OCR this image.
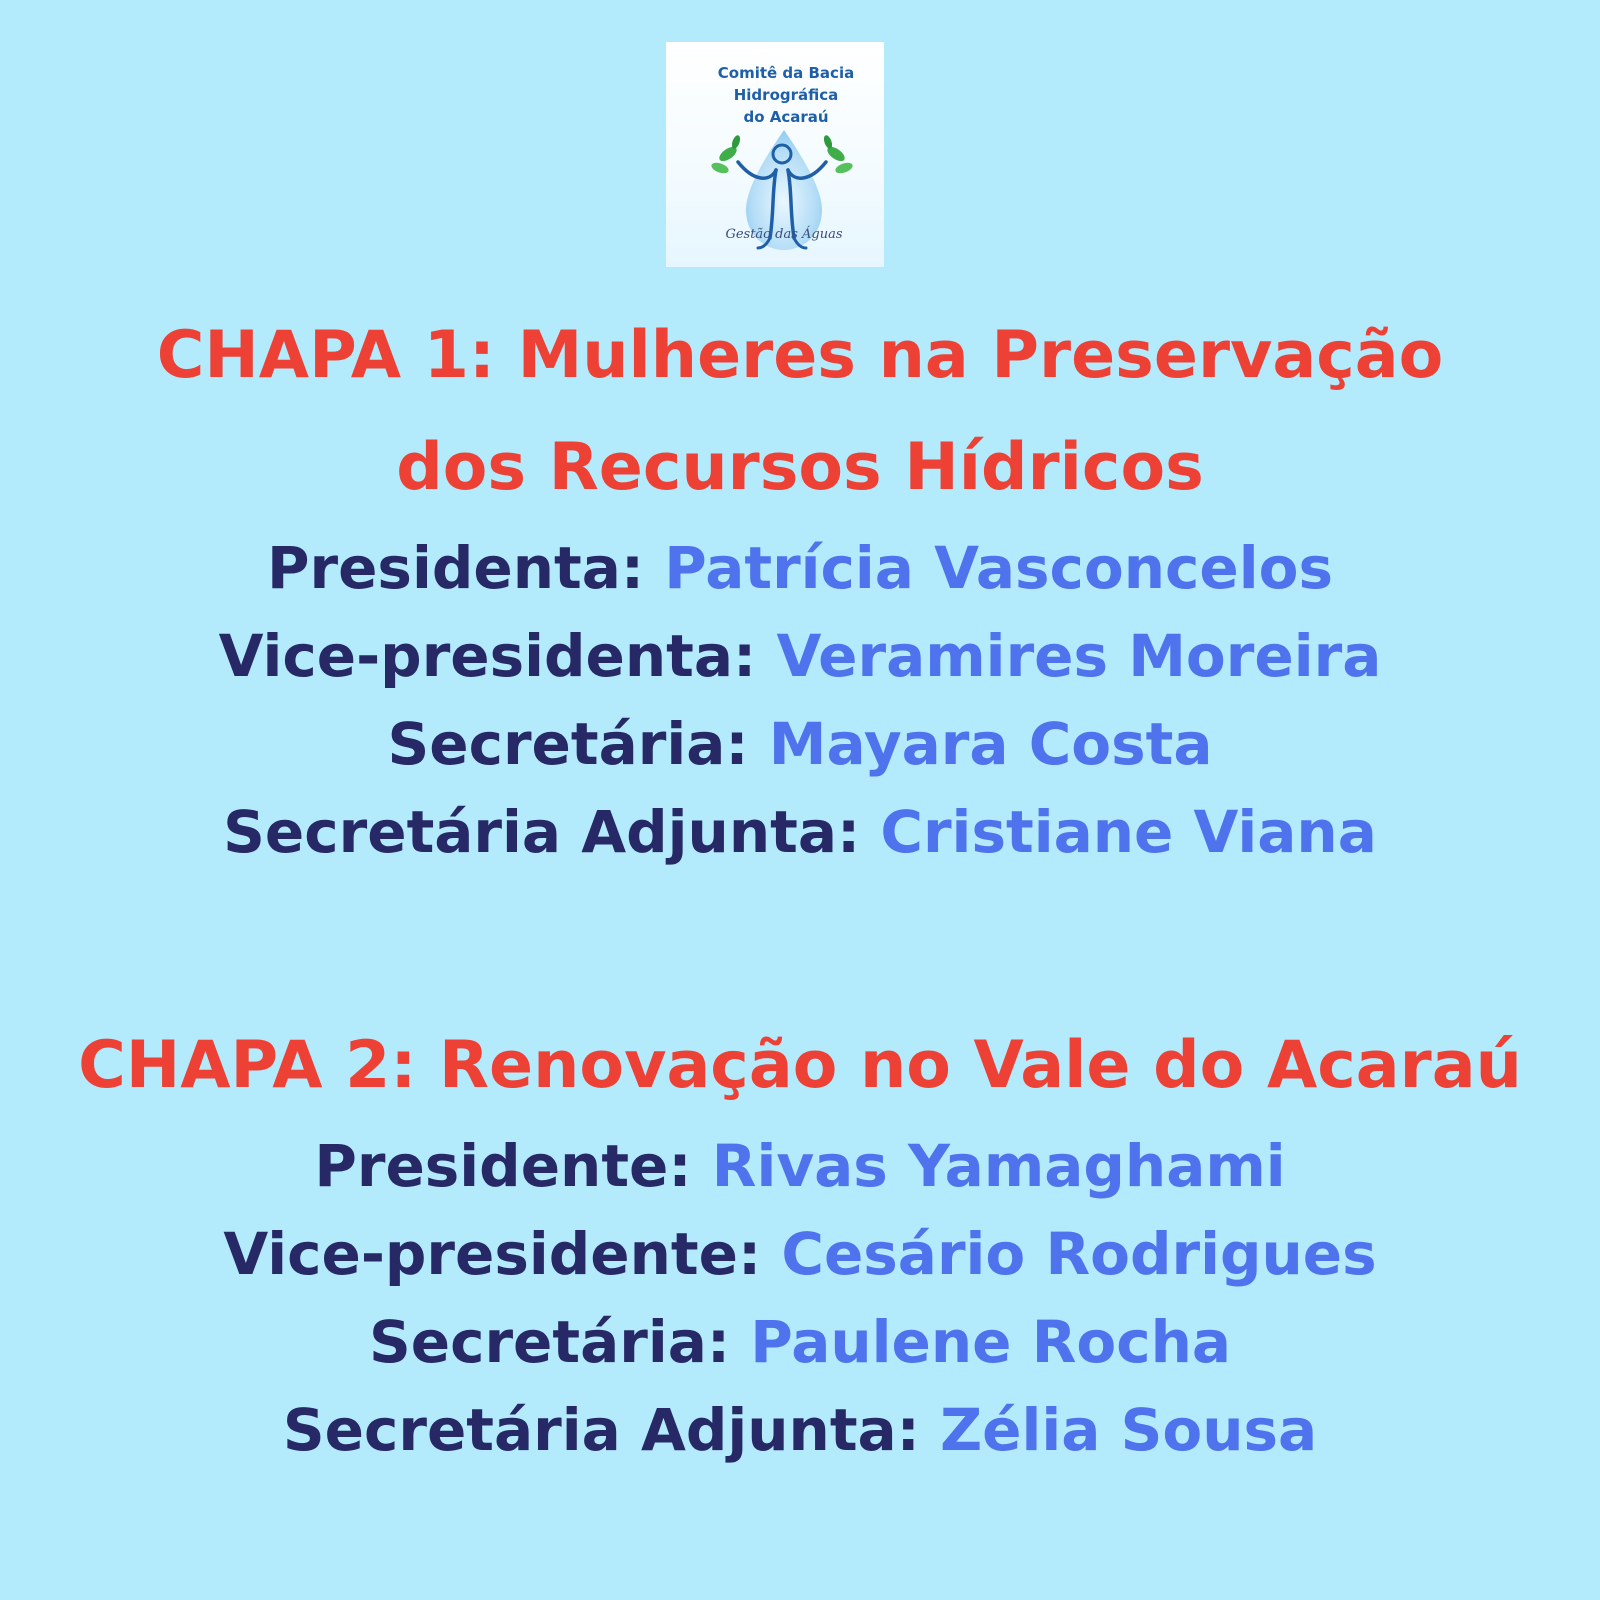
Comitê da Bacia
Hidrográfica
do Acaraú
Gestão das Águas

CHAPA 1: Mulheres na Preservação

dos Recursos Hídricos

Presidenta: Patrícia Vasconcelos

Vice-presidenta: Veramires Moreira

Secretária: Mayara Costa

Secretária Adjunta: Cristiane Viana

CHAPA 2: Renovação no Vale do Acaraú

Presidente: Rivas Yamaghami

Vice-presidente: Cesário Rodrigues

Secretária: Paulene Rocha

Secretária Adjunta: Zélia Sousa
